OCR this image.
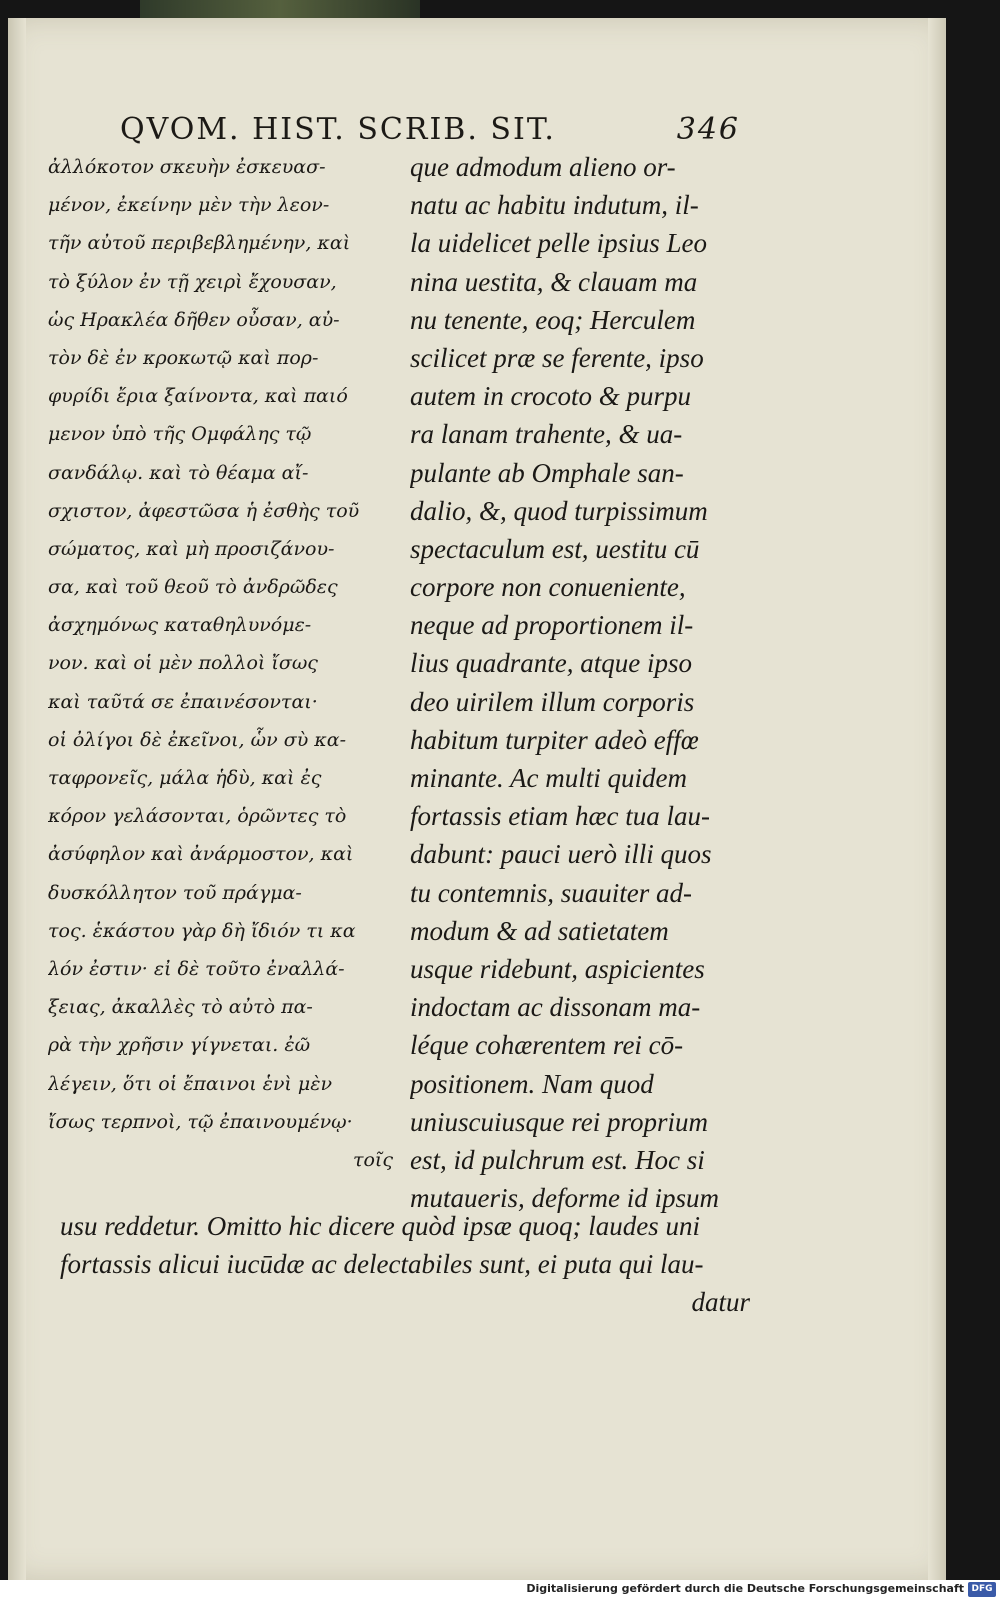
QVOM. HIST. SCRIB. SIT.	346
ἀλλόκοτον σκευὴν ἐσκευασ-
μένον, ἐκείνην μὲν τὴν λεον-
τῆν αὐτοῦ περιβεβλημένην, καὶ
τὸ ξύλον ἐν τῇ χειρὶ ἔχουσαν,
ὡς Ηρακλέα δῆθεν οὖσαν, αὐ-
τὸν δὲ ἐν κροκωτῷ καὶ πορ-
φυρίδι ἔρια ξαίνοντα, καὶ παιό
μενον ὑπὸ τῆς Ομφάλης τῷ
σανδάλῳ. καὶ τὸ θέαμα αἴ-
σχιστον, ἀφεστῶσα ἡ ἐσθὴς τοῦ
σώματος, καὶ μὴ προσιζάνου-
σα, καὶ τοῦ θεοῦ τὸ ἀνδρῶδες
ἀσχημόνως καταθηλυνόμε-
νον. καὶ οἱ μὲν πολλοὶ ἴσως
καὶ ταῦτά σε ἐπαινέσονται·
οἱ ὀλίγοι δὲ ἐκεῖνοι, ὧν σὺ κα-
ταφρονεῖς, μάλα ἡδὺ, καὶ ἐς
κόρον γελάσονται, ὁρῶντες τὸ
ἀσύφηλον καὶ ἀνάρμοστον, καὶ
δυσκόλλητον τοῦ πράγμα-
τος. ἑκάστου γὰρ δὴ ἴδιόν τι κα
λόν ἐστιν· εἰ δὲ τοῦτο ἐναλλά-
ξειας, ἀκαλλὲς τὸ αὐτὸ πα-
ρὰ τὴν χρῆσιν γίγνεται. ἐῶ
λέγειν, ὅτι οἱ ἔπαινοι ἑνὶ μὲν
ἴσως τερπνοὶ, τῷ ἐπαινουμένῳ·
τοῖς
que admodum alieno or-
natu ac habitu indutum, il-
la uidelicet pelle ipsius Leo
nina uestita, & clauam ma
nu tenente, eoq; Herculem
scilicet præ se ferente, ipso
autem in crocoto & purpu
ra lanam trahente, & ua-
pulante ab Omphale san-
dalio, &, quod turpissimum
spectaculum est, uestitu cū
corpore non conueniente,
neque ad proportionem il-
lius quadrante, atque ipso
deo uirilem illum corporis
habitum turpiter adeò effœ
minante. Ac multi quidem
fortassis etiam hæc tua lau-
dabunt: pauci uerò illi quos
tu contemnis, suauiter ad-
modum & ad satietatem
usque ridebunt, aspicientes
indoctam ac dissonam ma-
léque cohærentem rei cō-
positionem. Nam quod
uniuscuiusque rei proprium
est, id pulchrum est. Hoc si
mutaueris, deforme id ipsum
usu reddetur. Omitto hic dicere quòd ipsæ quoq; laudes uni
fortassis alicui iucūdæ ac delectabiles sunt, ei puta qui lau-
datur
Digitalisierung gefördert durch die Deutsche Forschungsgemeinschaft DFG
